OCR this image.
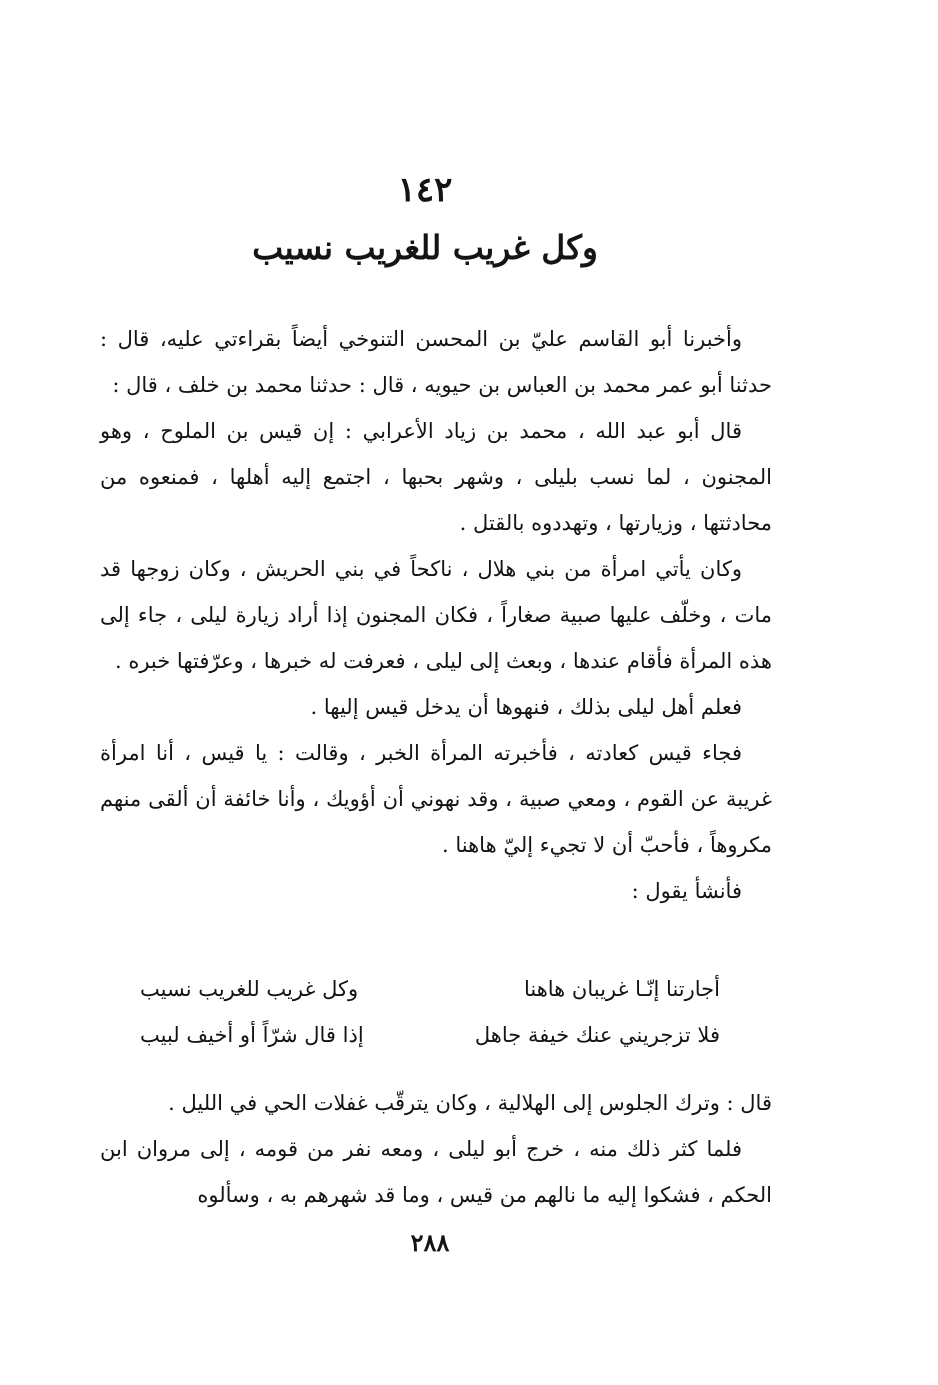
١٤٢
وكل غريب للغريب نسيب

وأخبرنا أبو القاسم عليّ بن المحسن التنوخي أيضاً بقراءتي عليه، قال : حدثنا أبو عمر محمد بن العباس بن حيويه ، قال : حدثنا محمد بن خلف ، قال :

قال أبو عبد الله ، محمد بن زياد الأعرابي : إن قيس بن الملوح ، وهو المجنون ، لما نسب بليلى ، وشهر بحبها ، اجتمع إليه أهلها ، فمنعوه من محادثتها ، وزيارتها ، وتهددوه بالقتل .

وكان يأتي امرأة من بني هلال ، ناكحاً في بني الحريش ، وكان زوجها قد مات ، وخلّف عليها صبية صغاراً ، فكان المجنون إذا أراد زيارة ليلى ، جاء إلى هذه المرأة فأقام عندها ، وبعث إلى ليلى ، فعرفت له خبرها ، وعرّفتها خبره .

فعلم أهل ليلى بذلك ، فنهوها أن يدخل قيس إليها .

فجاء قيس كعادته ، فأخبرته المرأة الخبر ، وقالت : يا قيس ، أنا امرأة غريبة عن القوم ، ومعي صبية ، وقد نهوني أن أؤويك ، وأنا خائفة أن ألقى منهم مكروهاً ، فأحبّ أن لا تجيء إليّ هاهنا .

فأنشأ يقول :

أجارتنا إنّـا غريبان هاهنا
وكل غريب للغريب نسيب
فلا تزجريني عنك خيفة جاهل
إذا قال شرّاً أو أخيف لبيب

قال : وترك الجلوس إلى الهلالية ، وكان يترقّب غفلات الحي في الليل .

فلما كثر ذلك منه ، خرج أبو ليلى ، ومعه نفر من قومه ، إلى مروان ابن الحكم ، فشكوا إليه ما نالهم من قيس ، وما قد شهرهم به ، وسألوه

٢٨٨
